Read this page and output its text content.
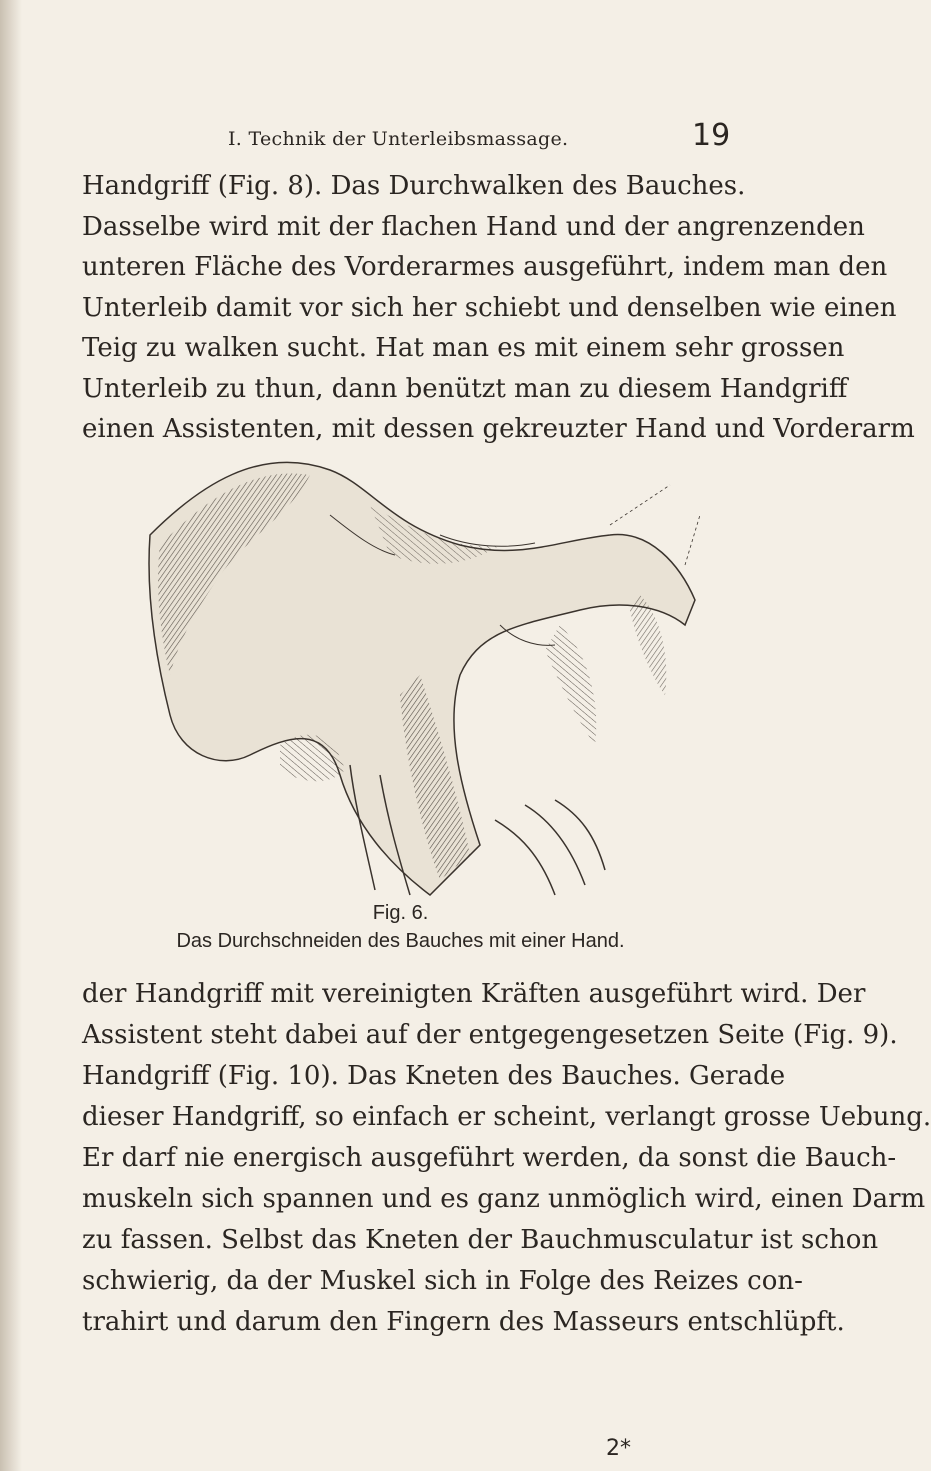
I. Technik der Unterleibsmassage.	19
Handgriff (Fig. 8). Das Durchwalken des Bauches.
Dasselbe wird mit der flachen Hand und der angrenzenden
unteren Fläche des Vorderarmes ausgeführt, indem man den
Unterleib damit vor sich her schiebt und denselben wie einen
Teig zu walken sucht. Hat man es mit einem sehr grossen
Unterleib zu thun, dann benützt man zu diesem Handgriff
einen Assistenten, mit dessen gekreuzter Hand und Vorderarm
Fig. 6.
Das Durchschneiden des Bauches mit einer Hand.
der Handgriff mit vereinigten Kräften ausgeführt wird. Der
Assistent steht dabei auf der entgegengesetzen Seite (Fig. 9).
Handgriff (Fig. 10). Das Kneten des Bauches. Gerade
dieser Handgriff, so einfach er scheint, verlangt grosse Uebung.
Er darf nie energisch ausgeführt werden, da sonst die Bauch-
muskeln sich spannen und es ganz unmöglich wird, einen Darm
zu fassen. Selbst das Kneten der Bauchmusculatur ist schon
schwierig, da der Muskel sich in Folge des Reizes con-
trahirt und darum den Fingern des Masseurs entschlüpft.
2*
